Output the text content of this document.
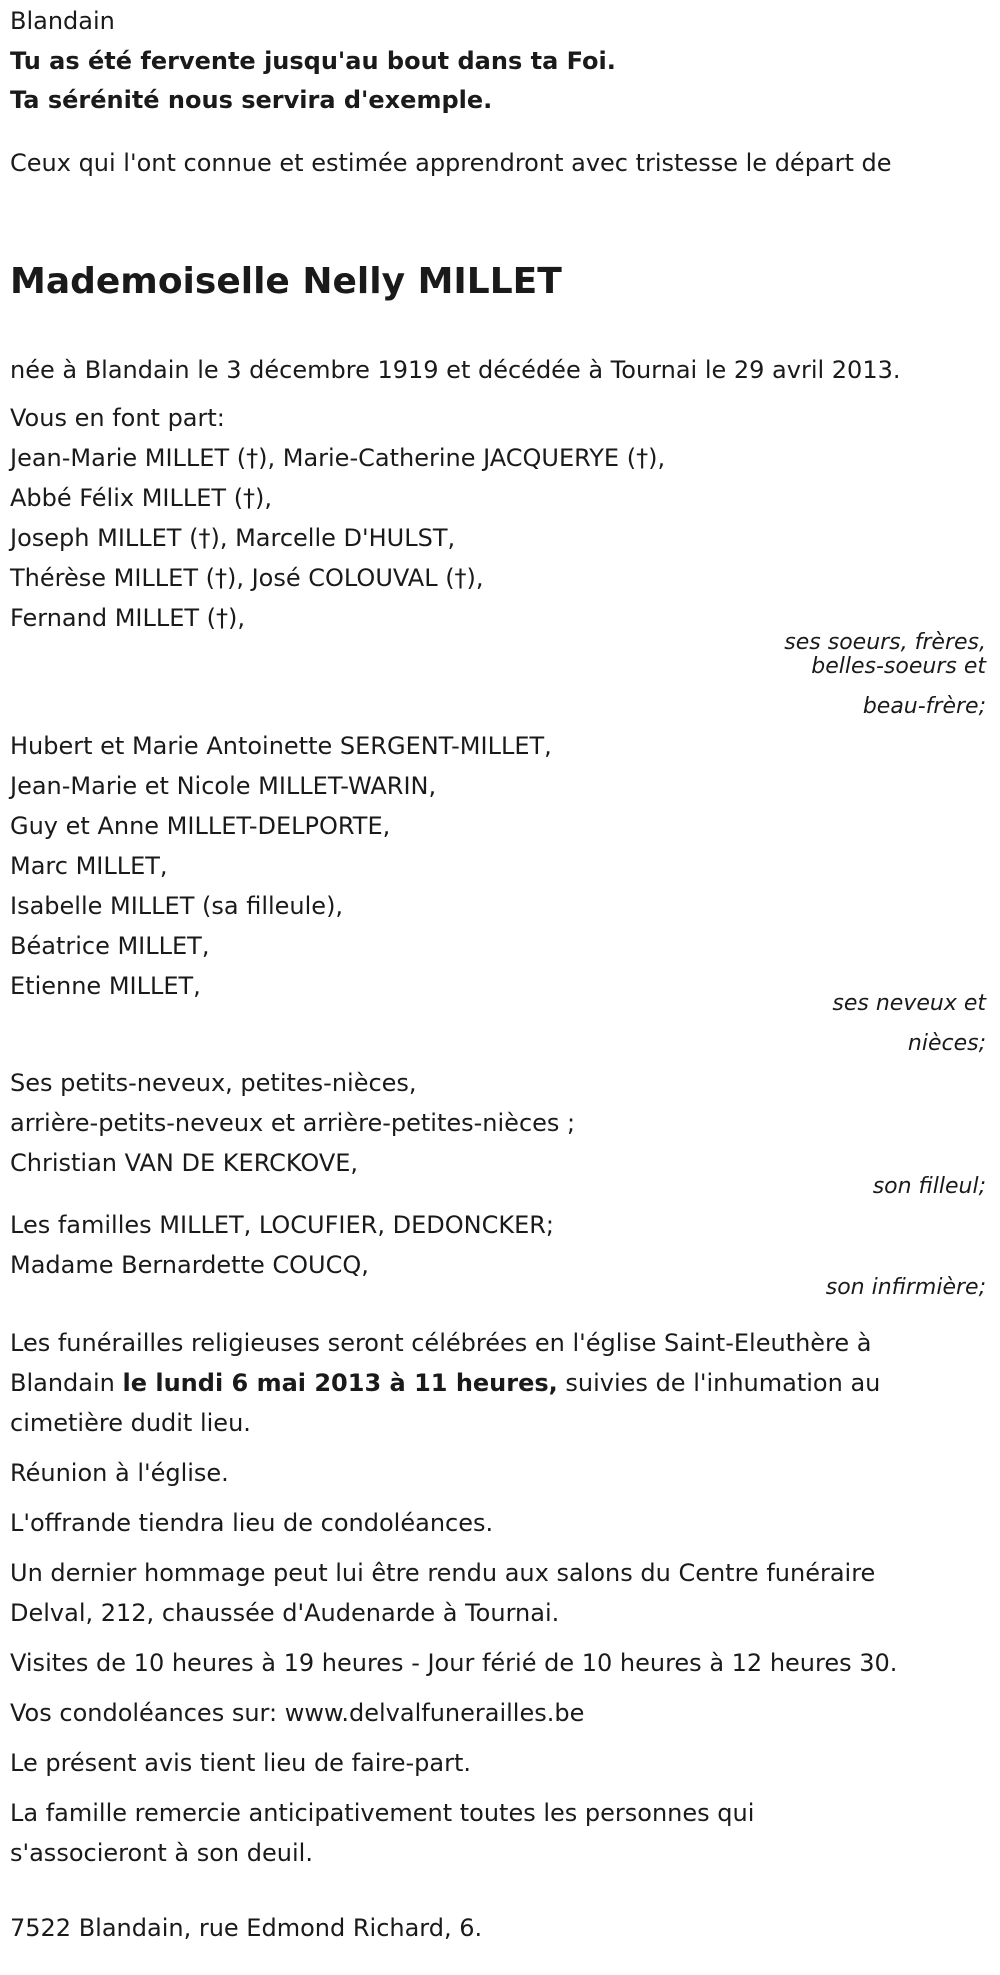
Blandain
Tu as été fervente jusqu'au bout dans ta Foi.
Ta sérénité nous servira d'exemple.
Ceux qui l'ont connue et estimée apprendront avec tristesse le départ de
Mademoiselle Nelly MILLET
née à Blandain le 3 décembre 1919 et décédée à Tournai le 29 avril 2013.
Vous en font part:
Jean-Marie MILLET (†), Marie-Catherine JACQUERYE (†),
Abbé Félix MILLET (†),
Joseph MILLET (†), Marcelle D'HULST,
Thérèse MILLET (†), José COLOUVAL (†),
Fernand MILLET (†),
ses soeurs, frères,
belles-soeurs et
beau-frère;
Hubert et Marie Antoinette SERGENT-MILLET,
Jean-Marie et Nicole MILLET-WARIN,
Guy et Anne MILLET-DELPORTE,
Marc MILLET,
Isabelle MILLET (sa filleule),
Béatrice MILLET,
Etienne MILLET,
ses neveux et
nièces;
Ses petits-neveux, petites-nièces,
arrière-petits-neveux et arrière-petites-nièces ;
Christian VAN DE KERCKOVE,
son filleul;
Les familles MILLET, LOCUFIER, DEDONCKER;
Madame Bernardette COUCQ,
son infirmière;
Les funérailles religieuses seront célébrées en l'église Saint-Eleuthère à
Blandain le lundi 6 mai 2013 à 11 heures, suivies de l'inhumation au
cimetière dudit lieu.
Réunion à l'église.
L'offrande tiendra lieu de condoléances.
Un dernier hommage peut lui être rendu aux salons du Centre funéraire
Delval, 212, chaussée d'Audenarde à Tournai.
Visites de 10 heures à 19 heures - Jour férié de 10 heures à 12 heures 30.
Vos condoléances sur: www.delvalfunerailles.be
Le présent avis tient lieu de faire-part.
La famille remercie anticipativement toutes les personnes qui
s'associeront à son deuil.
7522 Blandain, rue Edmond Richard, 6.
